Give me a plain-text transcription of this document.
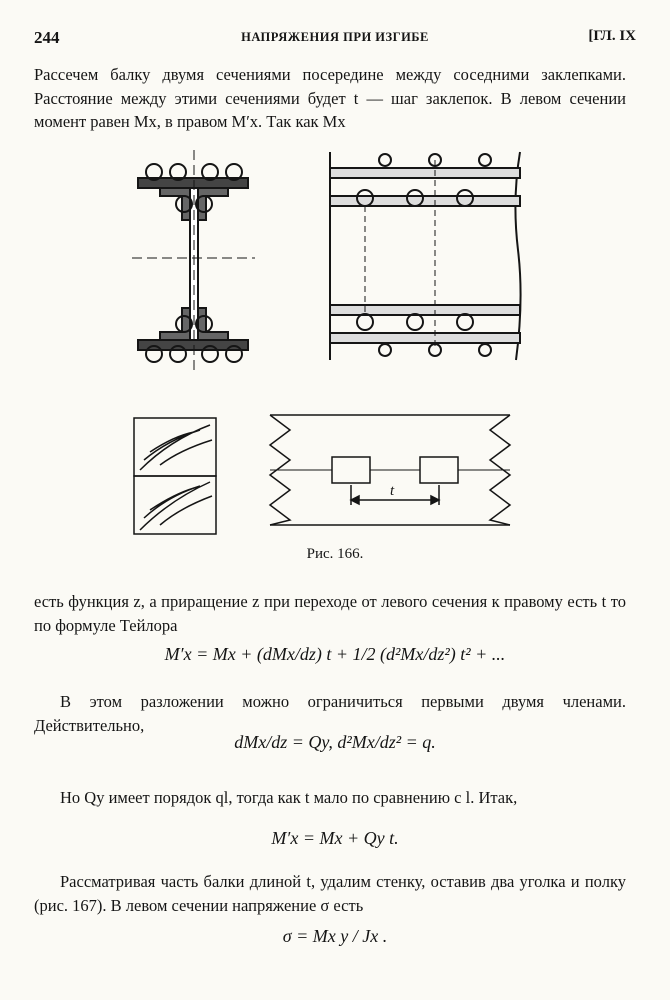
244	НАПРЯЖЕНИЯ ПРИ ИЗГИБЕ	[ГЛ. IX
Рассечем балку двумя сечениями посередине между соседними заклепками. Расстояние между этими сечениями будет t — шаг заклепок. В левом сечении момент равен Mx, в правом M′x. Так как Mx
t
Рис. 166.
есть функция z, а приращение z при переходе от левого сечения к правому есть t то по формуле Тейлора
M′x = Mx + (dMx/dz) t + 1/2 (d²Mx/dz²) t² + ...
В этом разложении можно ограничиться первыми двумя членами. Действительно,
dMx/dz = Qy, d²Mx/dz² = q.
Но Qy имеет порядок ql, тогда как t мало по сравнению с l. Итак,
M′x = Mx + Qy t.
Рассматривая часть балки длиной t, удалим стенку, оставив два уголка и полку (рис. 167). В левом сечении напряжение σ есть
σ = Mx y / Jx .
